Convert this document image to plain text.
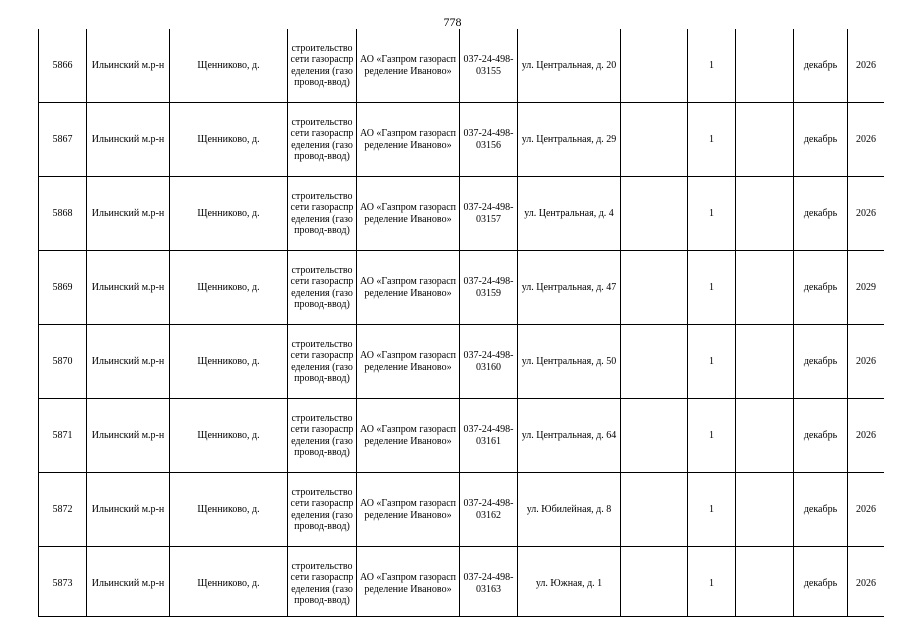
778
5866	Ильинский м.р-н	Щенниково, д.	строительство сети газораспределения (газопровод-ввод)	АО «Газпром газораспределение Иваново»	037-24-498-03155	ул. Центральная, д. 20		1		декабрь	2026
5867	Ильинский м.р-н	Щенниково, д.	строительство сети газораспределения (газопровод-ввод)	АО «Газпром газораспределение Иваново»	037-24-498-03156	ул. Центральная, д. 29		1		декабрь	2026
5868	Ильинский м.р-н	Щенниково, д.	строительство сети газораспределения (газопровод-ввод)	АО «Газпром газораспределение Иваново»	037-24-498-03157	ул. Центральная, д. 4		1		декабрь	2026
5869	Ильинский м.р-н	Щенниково, д.	строительство сети газораспределения (газопровод-ввод)	АО «Газпром газораспределение Иваново»	037-24-498-03159	ул. Центральная, д. 47		1		декабрь	2029
5870	Ильинский м.р-н	Щенниково, д.	строительство сети газораспределения (газопровод-ввод)	АО «Газпром газораспределение Иваново»	037-24-498-03160	ул. Центральная, д. 50		1		декабрь	2026
5871	Ильинский м.р-н	Щенниково, д.	строительство сети газораспределения (газопровод-ввод)	АО «Газпром газораспределение Иваново»	037-24-498-03161	ул. Центральная, д. 64		1		декабрь	2026
5872	Ильинский м.р-н	Щенниково, д.	строительство сети газораспределения (газопровод-ввод)	АО «Газпром газораспределение Иваново»	037-24-498-03162	ул. Юбилейная, д. 8		1		декабрь	2026
5873	Ильинский м.р-н	Щенниково, д.	строительство сети газораспределения (газопровод-ввод)	АО «Газпром газораспределение Иваново»	037-24-498-03163	ул. Южная, д. 1		1		декабрь	2026
